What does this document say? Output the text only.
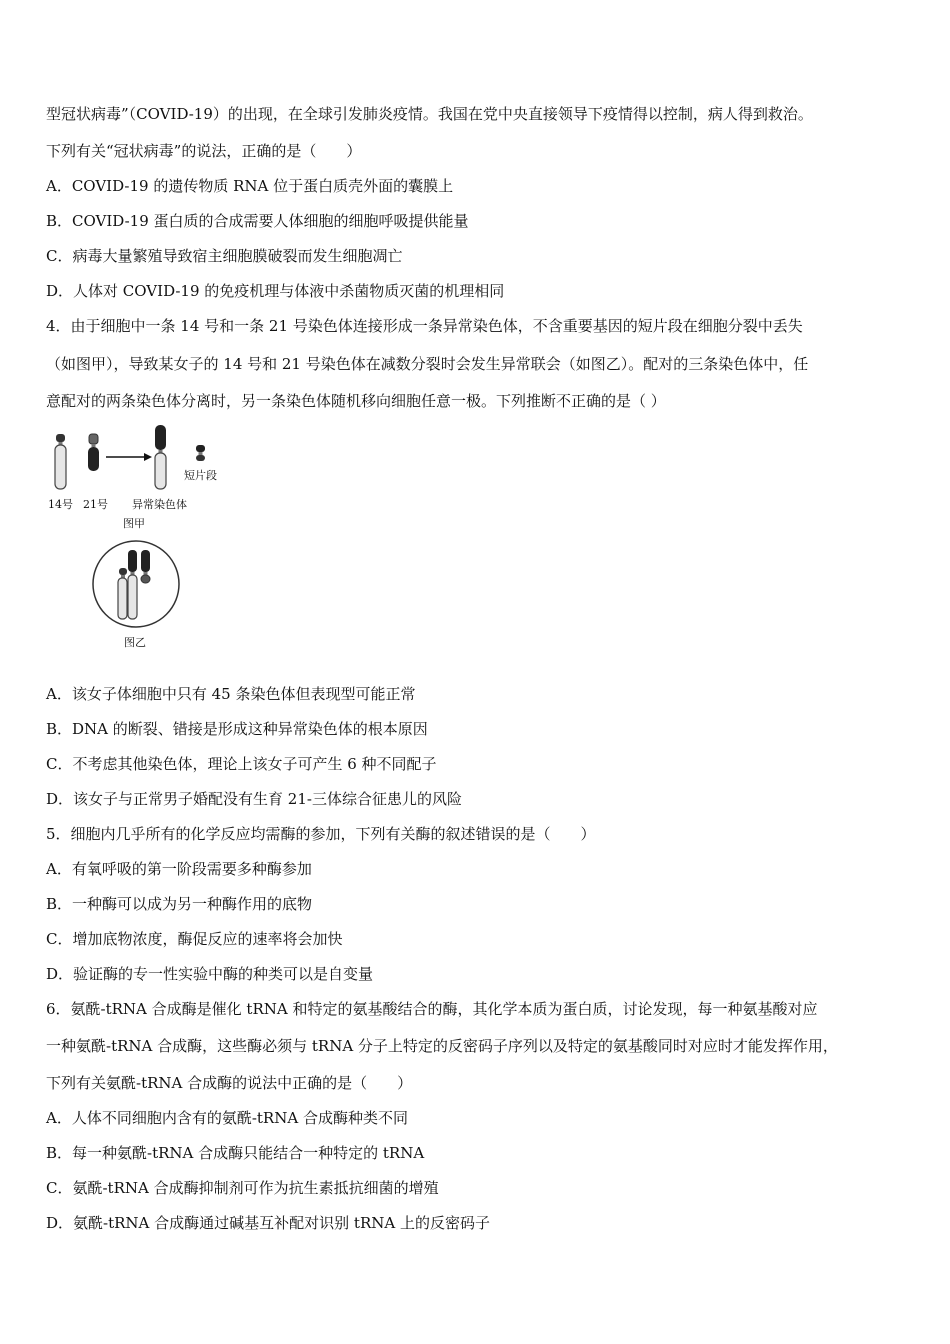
型冠状病毒”（COVID-19）的出现，在全球引发肺炎疫情。我国在党中央直接领导下疫情得以控制，病人得到救治。
下列有关“冠状病毒”的说法，正确的是（　　）
A．COVID-19 的遗传物质 RNA 位于蛋白质壳外面的囊膜上
B．COVID-19 蛋白质的合成需要人体细胞的细胞呼吸提供能量
C．病毒大量繁殖导致宿主细胞膜破裂而发生细胞凋亡
D．人体对 COVID-19 的免疫机理与体液中杀菌物质灭菌的机理相同
4．由于细胞中一条 14 号和一条 21 号染色体连接形成一条异常染色体，不含重要基因的短片段在细胞分裂中丢失
（如图甲），导致某女子的 14 号和 21 号染色体在减数分裂时会发生异常联会（如图乙）。配对的三条染色体中，任
意配对的两条染色体分离时，另一条染色体随机移向细胞任意一极。下列推断不正确的是（ ）
短片段
14号 21号 异常染色体
图甲
图乙
A．该女子体细胞中只有 45 条染色体但表现型可能正常
B．DNA 的断裂、错接是形成这种异常染色体的根本原因
C．不考虑其他染色体，理论上该女子可产生 6 种不同配子
D．该女子与正常男子婚配没有生育 21-三体综合征患儿的风险
5．细胞内几乎所有的化学反应均需酶的参加，下列有关酶的叙述错误的是（　　）
A．有氧呼吸的第一阶段需要多种酶参加
B．一种酶可以成为另一种酶作用的底物
C．增加底物浓度，酶促反应的速率将会加快
D．验证酶的专一性实验中酶的种类可以是自变量
6．氨酰-tRNA 合成酶是催化 tRNA 和特定的氨基酸结合的酶，其化学本质为蛋白质，讨论发现，每一种氨基酸对应
一种氨酰-tRNA 合成酶，这些酶必须与 tRNA 分子上特定的反密码子序列以及特定的氨基酸同时对应时才能发挥作用，
下列有关氨酰-tRNA 合成酶的说法中正确的是（　　）
A．人体不同细胞内含有的氨酰-tRNA 合成酶种类不同
B．每一种氨酰-tRNA 合成酶只能结合一种特定的 tRNA
C．氨酰-tRNA 合成酶抑制剂可作为抗生素抵抗细菌的增殖
D．氨酰-tRNA 合成酶通过碱基互补配对识别 tRNA 上的反密码子
